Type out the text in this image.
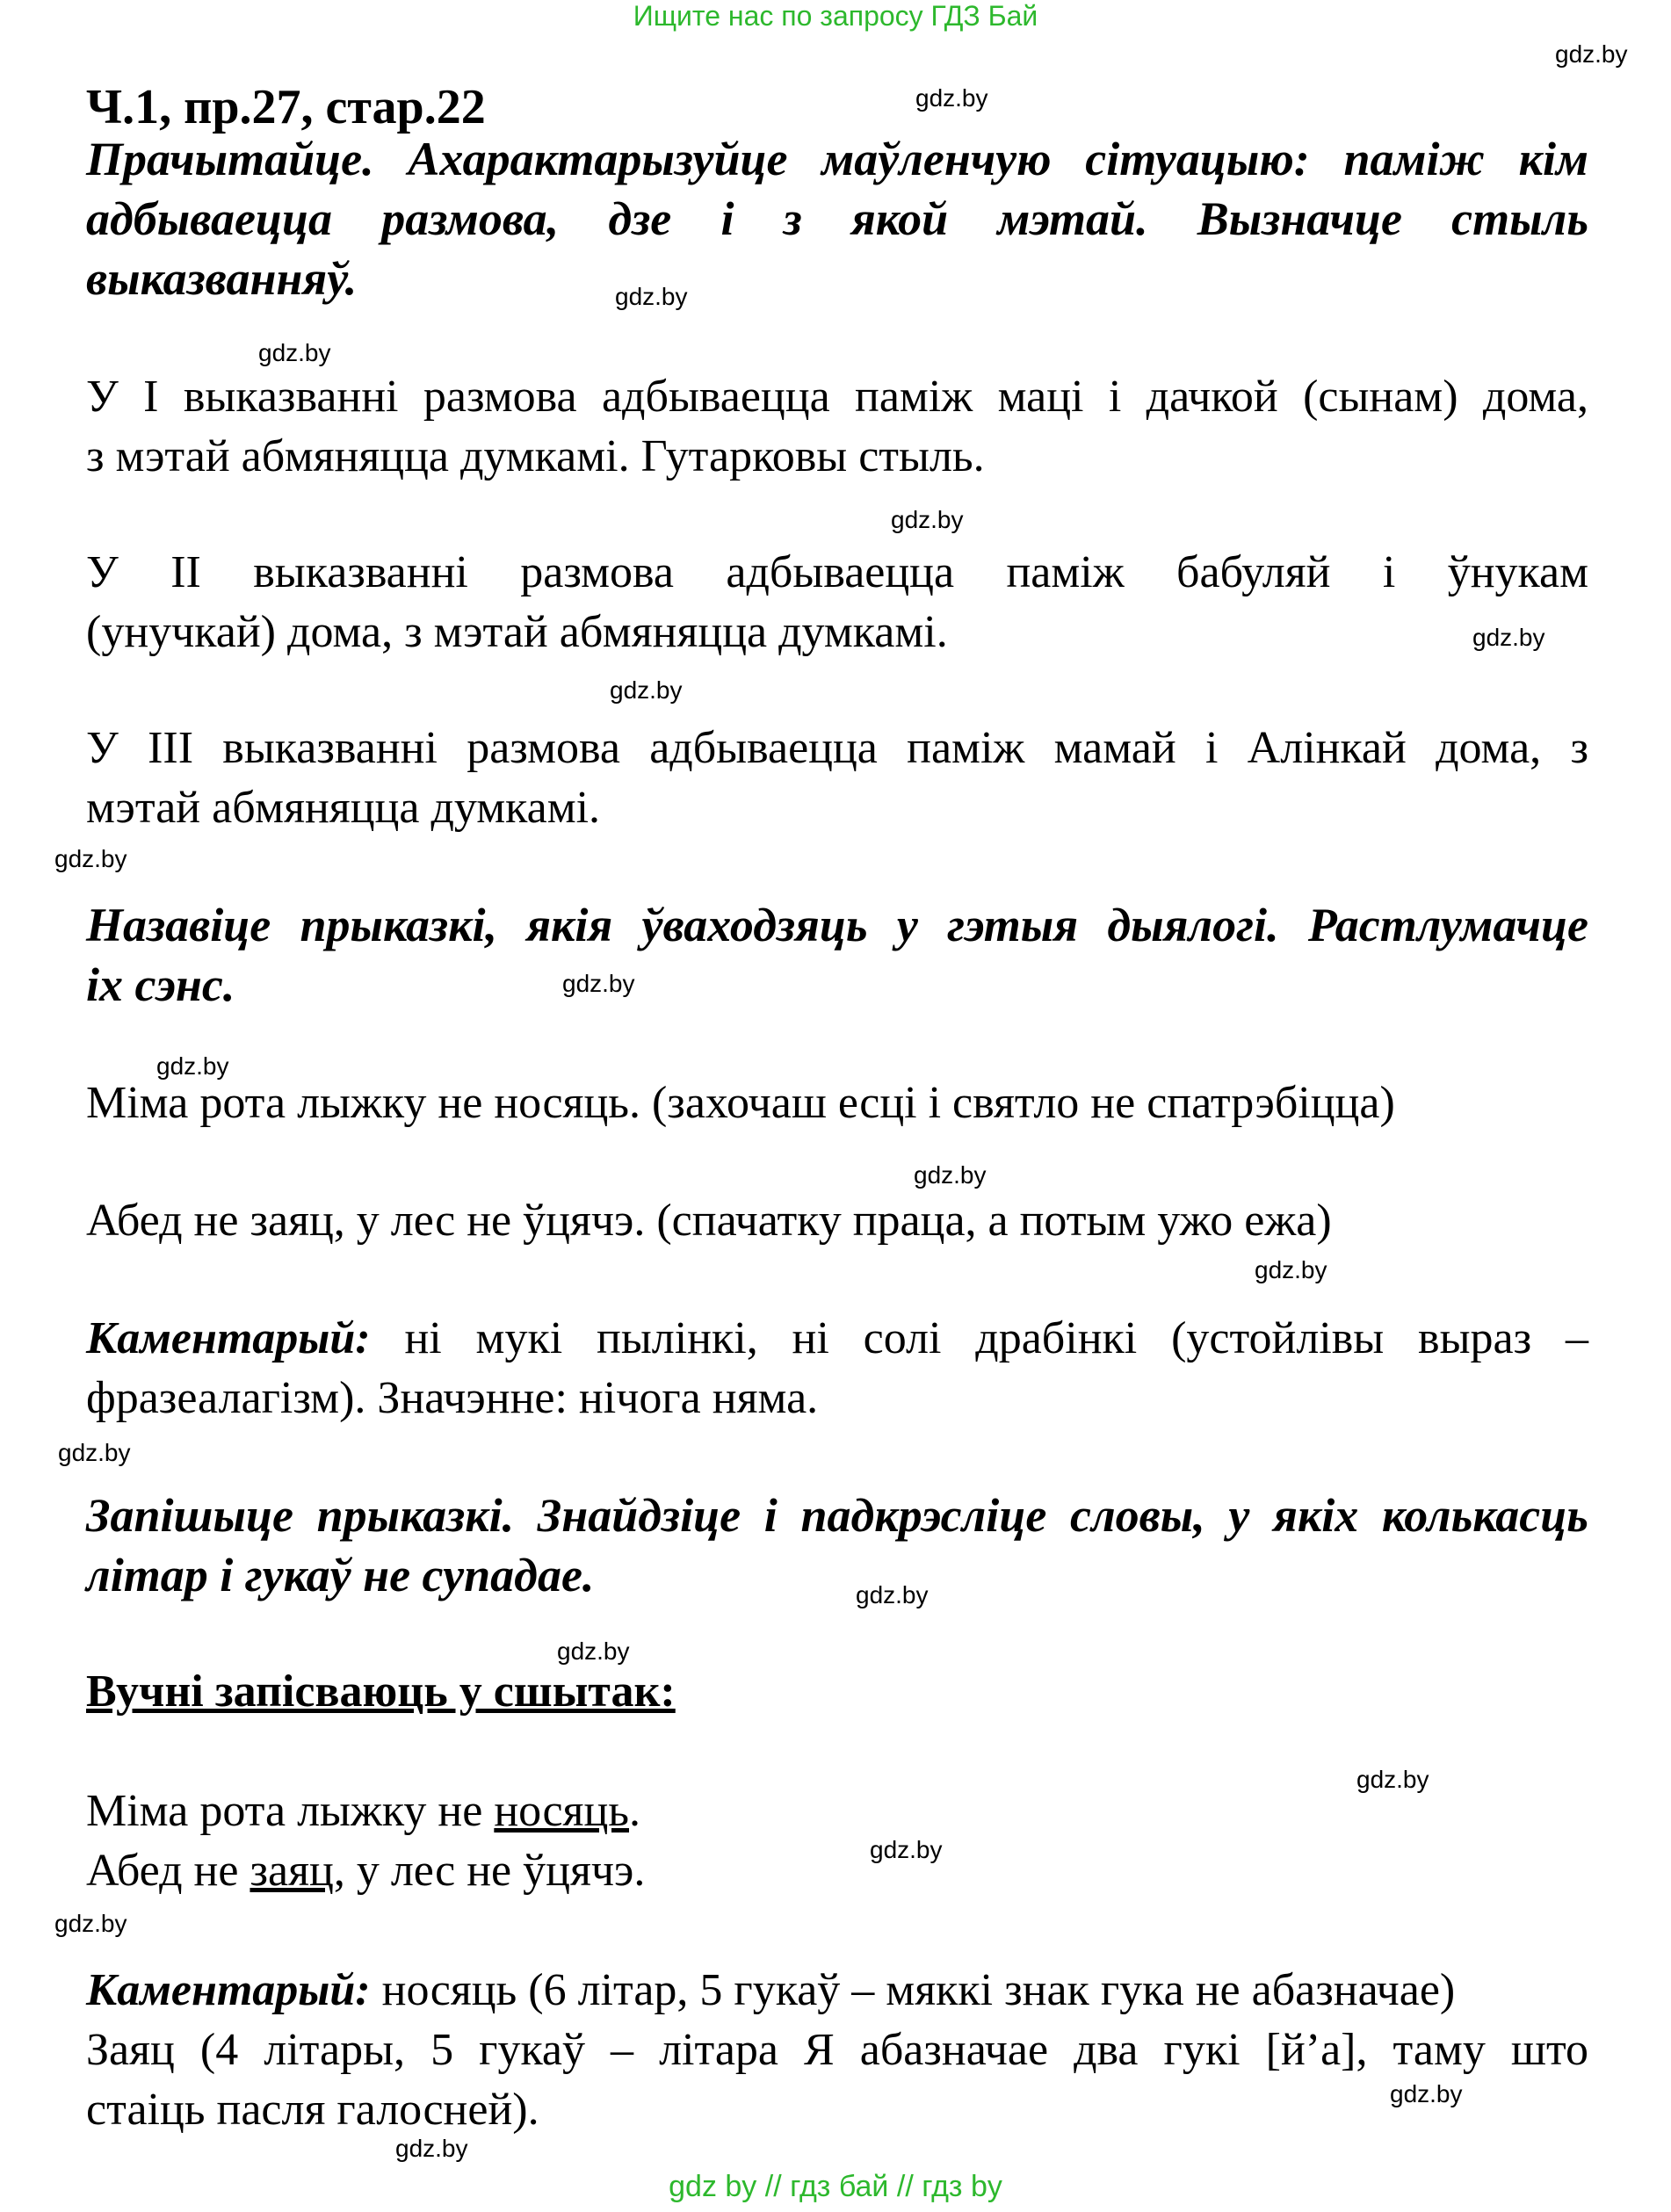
Ищите нас по запросу ГДЗ Бай
gdz by // гдз бай // гдз by
Ч.1, пр.27, стар.22
Прачытайце. Ахарактарызуйце маўленчую сітуацыю: паміж кім
адбываецца размова, дзе і з якой мэтай. Вызначце стыль
выказванняў.
У І выказванні размова адбываецца паміж маці і дачкой (сынам) дома,
з мэтай абмяняцца думкамі. Гутарковы стыль.
У ІІ выказванні размова адбываецца паміж бабуляй і ўнукам
(унучкай) дома, з мэтай абмяняцца думкамі.
У ІІІ выказванні размова адбываецца паміж мамай і Алінкай дома, з
мэтай абмяняцца думкамі.
Назавіце прыказкі, якія ўваходзяць у гэтыя дыялогі. Растлумачце
іх сэнс.
Міма рота лыжку не носяць. (захочаш есці і святло не спатрэбіцца)
Абед не заяц, у лес не ўцячэ. (спачатку праца, а потым ужо ежа)
Каментарый: ні мукі пылінкі, ні солі драбінкі (устойлівы выраз –
фразеалагізм). Значэнне: нічога няма.
Запішыце прыказкі. Знайдзіце і падкрэсліце словы, у якіх колькасць
літар і гукаў не супадае.
Вучні запісваюць у сшытак:
Міма рота лыжку не носяць.
Абед не заяц, у лес не ўцячэ.
Каментарый: носяць (6 літар, 5 гукаў – мяккі знак гука не абазначае)
Заяц (4 літары, 5 гукаў – літара Я абазначае два гукі [й’а], таму што
стаіць пасля галосней).
gdz.by
gdz.by
gdz.by
gdz.by
gdz.by
gdz.by
gdz.by
gdz.by
gdz.by
gdz.by
gdz.by
gdz.by
gdz.by
gdz.by
gdz.by
gdz.by
gdz.by
gdz.by
gdz.by
gdz.by
